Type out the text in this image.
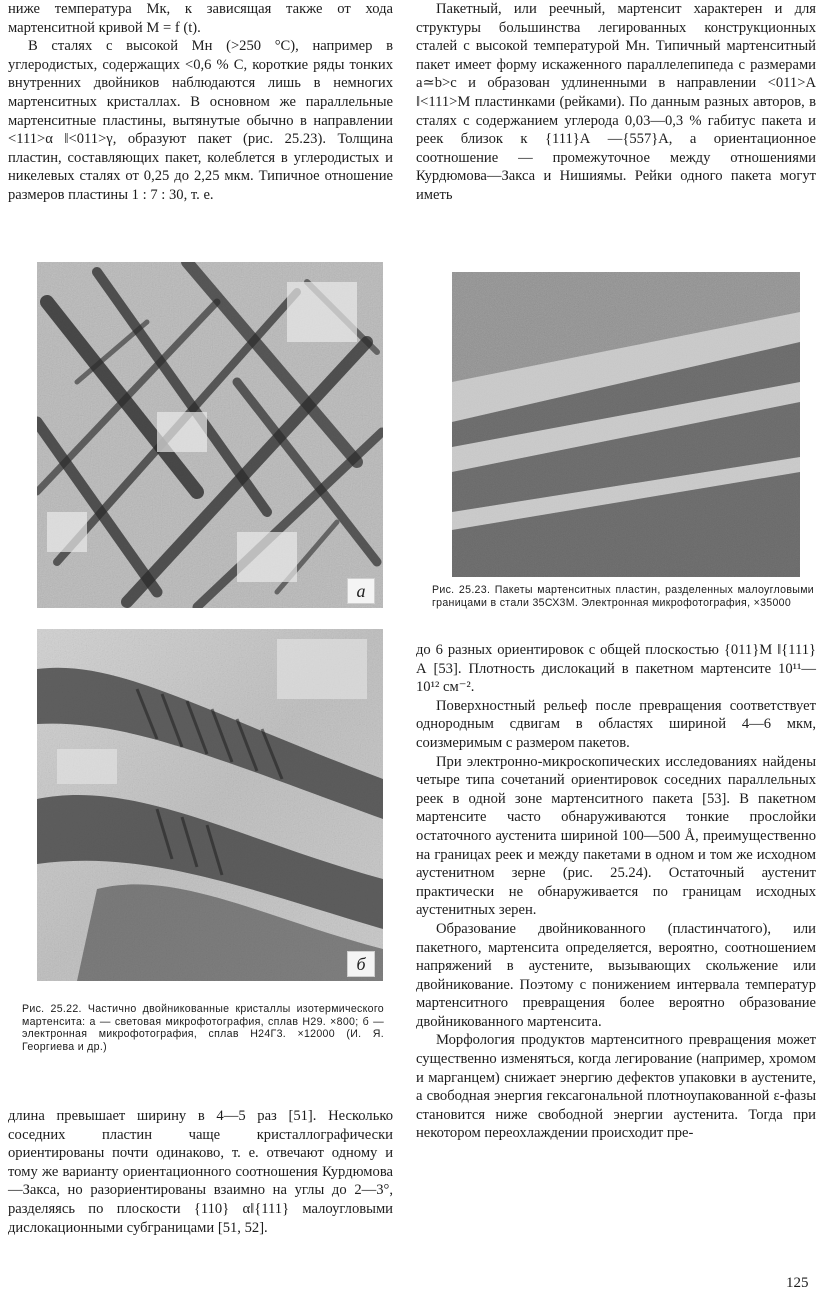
ниже температура Mк, к зависящая также от хода мартенситной кривой M = f (t).

В сталях с высокой Mн (>250 °C), например в углеродистых, содержащих <0,6 % C, короткие ряды тонких внутренних двойников наблюдаются лишь в немногих мартенситных кристаллах. В основном же параллельные мартенситные пластины, вытянутые обычно в направлении <111>α ‖<011>γ, образуют пакет (рис. 25.23). Толщина пластин, составляющих пакет, колеблется в углеродистых и никелевых сталях от 0,25 до 2,25 мкм. Типичное отношение размеров пластины 1 : 7 : 30, т. е.

а
б

Рис. 25.22. Частично двойникованные кристаллы изотермического мартенсита: а — световая микрофотография, сплав Н29. ×800; б — электронная микрофотография, сплав Н24Г3. ×12000 (И. Я. Георгиева и др.)

длина превышает ширину в 4—5 раз [51]. Несколько соседних пластин чаще кристаллографически ориентированы почти одинаково, т. е. отвечают одному и тому же варианту ориентационного соотношения Курдюмова—Закса, но разориентированы взаимно на углы до 2—3°, разделяясь по плоскости {110} α‖{111} малоугловыми дислокационными субграницами [51, 52].

Пакетный, или реечный, мартенсит характерен и для структуры большинства легированных конструкционных сталей с высокой температурой Mн. Типичный мартенситный пакет имеет форму искаженного параллелепипеда с размерами a≃b>c и образован удлиненными в направлении <011>А ‖<111>М пластинками (рейками). По данным разных авторов, в сталях с содержанием углерода 0,03—0,3 % габитус пакета и реек близок к {111}А —{557}А, а ориентационное соотношение — промежуточное между отношениями Курдюмова—Закса и Нишиямы. Рейки одного пакета могут иметь

Рис. 25.23. Пакеты мартенситных пластин, разделенных малоугловыми границами в стали 35СХ3М. Электронная микрофотография, ×35000

до 6 разных ориентировок с общей плоскостью {011}М ‖{111}А [53]. Плотность дислокаций в пакетном мартенсите 10¹¹—10¹² см⁻².

Поверхностный рельеф после превращения соответствует однородным сдвигам в областях шириной 4—6 мкм, соизмеримым с размером пакетов.

При электронно-микроскопических исследованиях найдены четыре типа сочетаний ориентировок соседних параллельных реек в одной зоне мартенситного пакета [53]. В пакетном мартенсите часто обнаруживаются тонкие прослойки остаточного аустенита шириной 100—500 Å, преимущественно на границах реек и между пакетами в одном и том же исходном аустенитном зерне (рис. 25.24). Остаточный аустенит практически не обнаруживается по границам исходных аустенитных зерен.

Образование двойникованного (пластинчатого), или пакетного, мартенсита определяется, вероятно, соотношением напряжений в аустените, вызывающих скольжение или двойникование. Поэтому с понижением интервала температур мартенситного превращения более вероятно образование двойникованного мартенсита.

Морфология продуктов мартенситного превращения может существенно изменяться, когда легирование (например, хромом и марганцем) снижает энергию дефектов упаковки в аустените, а свободная энергия гексагональной плотноупакованной ε-фазы становится ниже свободной энергии аустенита. Тогда при некотором переохлаждении происходит пре-

125
